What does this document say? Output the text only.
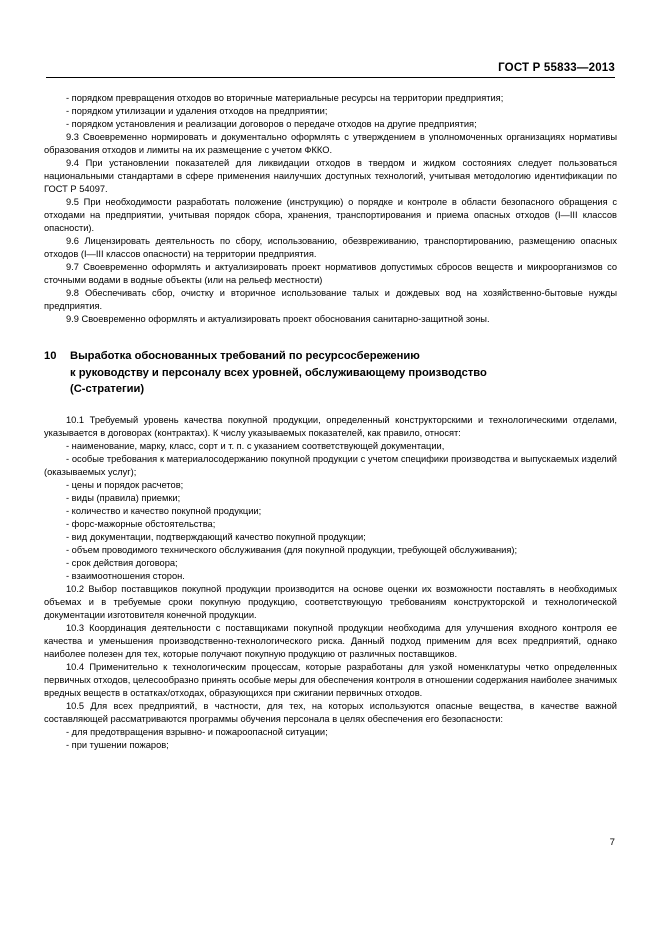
ГОСТ Р 55833—2013

- порядком превращения отходов во вторичные материальные ресурсы на территории предприятия;

- порядком утилизации и удаления отходов на предприятии;

- порядком установления и реализации договоров о передаче отходов на другие предприятия;

9.3 Своевременно нормировать и документально оформлять с утверждением в уполномоченных организациях нормативы образования отходов и лимиты на их размещение с учетом ФККО.

9.4 При установлении показателей для ликвидации отходов в твердом и жидком состояниях следует пользоваться национальными стандартами в сфере применения наилучших доступных технологий, учитывая методологию идентификации по ГОСТ Р 54097.

9.5 При необходимости разработать положение (инструкцию) о порядке и контроле в области безопасного обращения с отходами на предприятии, учитывая порядок сбора, хранения, транспортирования и приема опасных отходов (I—III классов опасности).

9.6 Лицензировать деятельность по сбору, использованию, обезвреживанию, транспортированию, размещению опасных отходов (I—III классов опасности) на территории предприятия.

9.7 Своевременно оформлять и актуализировать проект нормативов допустимых сбросов веществ и микроорганизмов со сточными водами в водные объекты (или на рельеф местности)

9.8 Обеспечивать сбор, очистку и вторичное использование талых и дождевых вод на хозяйственно-бытовые нужды предприятия.

9.9 Своевременно оформлять и актуализировать проект обоснования санитарно-защитной зоны.

10 Выработка обоснованных требований по ресурсосбережению
к руководству и персоналу всех уровней, обслуживающему производство
(С-стратегии)

10.1 Требуемый уровень качества покупной продукции, определенный конструкторскими и технологическими отделами, указывается в договорах (контрактах). К числу указываемых показателей, как правило, относят:

- наименование, марку, класс, сорт и т. п. с указанием соответствующей документации,

- особые требования к материалосодержанию покупной продукции с учетом специфики производства и выпускаемых изделий (оказываемых услуг);

- цены и порядок расчетов;

- виды (правила) приемки;

- количество и качество покупной продукции;

- форс-мажорные обстоятельства;

- вид документации, подтверждающий качество покупной продукции;

- объем проводимого технического обслуживания (для покупной продукции, требующей обслуживания);

- срок действия договора;

- взаимоотношения сторон.

10.2 Выбор поставщиков покупной продукции производится на основе оценки их возможности поставлять в необходимых объемах и в требуемые сроки покупную продукцию, соответствующую требованиям конструкторской и технологической документации изготовителя конечной продукции.

10.3 Координация деятельности с поставщиками покупной продукции необходима для улучшения входного контроля ее качества и уменьшения производственно-технологического риска. Данный подход применим для всех предприятий, однако наиболее полезен для тех, которые получают покупную продукцию от различных поставщиков.

10.4 Применительно к технологическим процессам, которые разработаны для узкой номенклатуры четко определенных первичных отходов, целесообразно принять особые меры для обеспечения контроля в отношении содержания наиболее значимых вредных веществ в остатках/отходах, образующихся при сжигании первичных отходов.

10.5 Для всех предприятий, в частности, для тех, на которых используются опасные вещества, в качестве важной составляющей рассматриваются программы обучения персонала в целях обеспечения его безопасности:

- для предотвращения взрывно- и пожароопасной ситуации;

- при тушении пожаров;

7
